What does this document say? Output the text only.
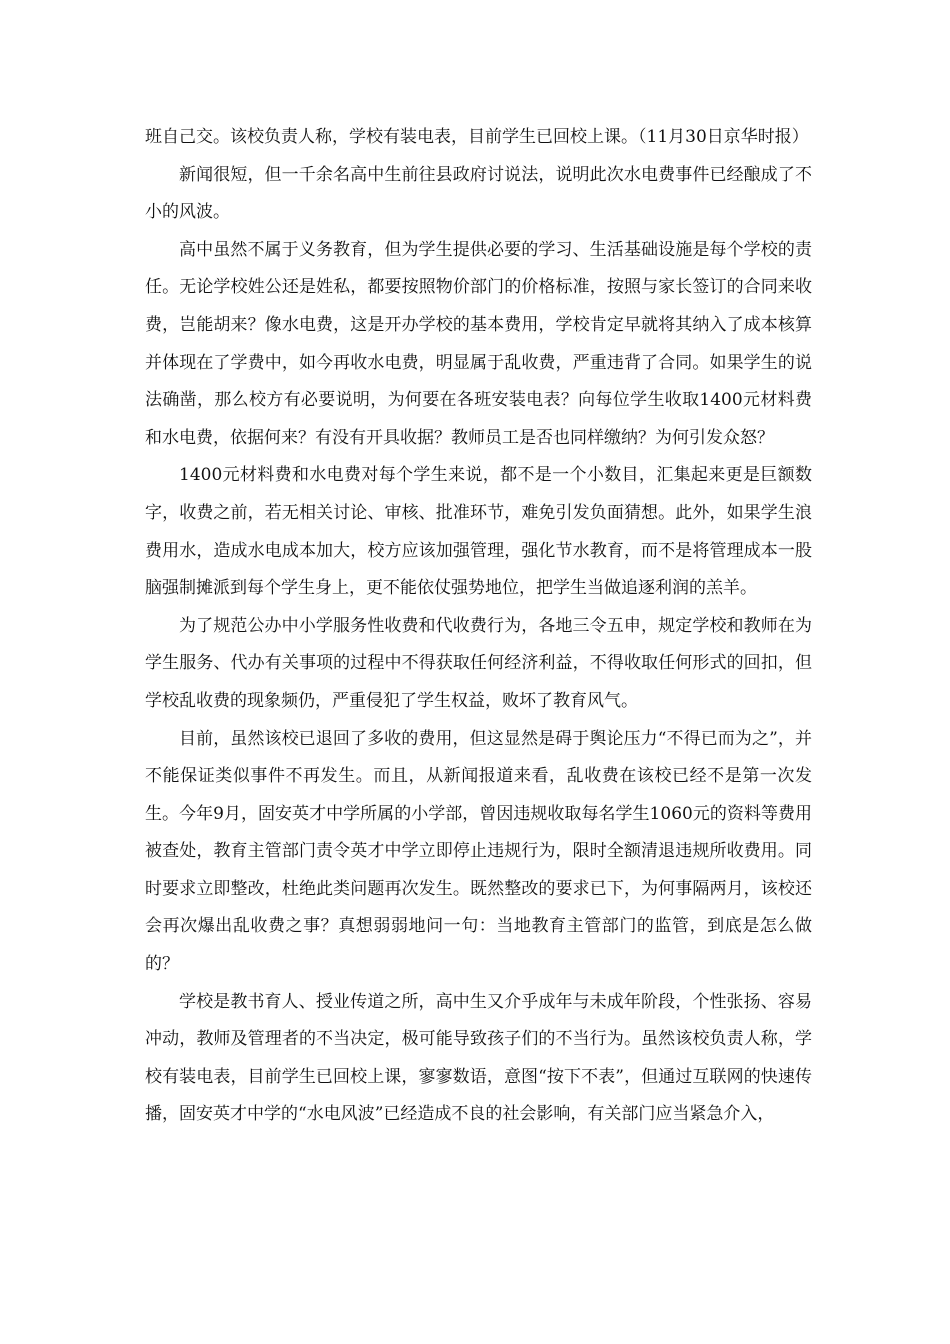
班自己交。该校负责人称，学校有装电表，目前学生已回校上课。（11月30日京华时报）

新闻很短，但一千余名高中生前往县政府讨说法，说明此次水电费事件已经酿成了不小的风波。

高中虽然不属于义务教育，但为学生提供必要的学习、生活基础设施是每个学校的责任。无论学校姓公还是姓私，都要按照物价部门的价格标准，按照与家长签订的合同来收费，岂能胡来？像水电费，这是开办学校的基本费用，学校肯定早就将其纳入了成本核算并体现在了学费中，如今再收水电费，明显属于乱收费，严重违背了合同。如果学生的说法确凿，那么校方有必要说明，为何要在各班安装电表？向每位学生收取1400元材料费和水电费，依据何来？有没有开具收据？教师员工是否也同样缴纳？为何引发众怒？

1400元材料费和水电费对每个学生来说，都不是一个小数目，汇集起来更是巨额数字，收费之前，若无相关讨论、审核、批准环节，难免引发负面猜想。此外，如果学生浪费用水，造成水电成本加大，校方应该加强管理，强化节水教育，而不是将管理成本一股脑强制摊派到每个学生身上，更不能依仗强势地位，把学生当做追逐利润的羔羊。

为了规范公办中小学服务性收费和代收费行为，各地三令五申，规定学校和教师在为学生服务、代办有关事项的过程中不得获取任何经济利益，不得收取任何形式的回扣，但学校乱收费的现象频仍，严重侵犯了学生权益，败坏了教育风气。

目前，虽然该校已退回了多收的费用，但这显然是碍于舆论压力“不得已而为之”，并不能保证类似事件不再发生。而且，从新闻报道来看，乱收费在该校已经不是第一次发生。今年9月，固安英才中学所属的小学部，曾因违规收取每名学生1060元的资料等费用被查处，教育主管部门责令英才中学立即停止违规行为，限时全额清退违规所收费用。同时要求立即整改，杜绝此类问题再次发生。既然整改的要求已下，为何事隔两月，该校还会再次爆出乱收费之事？真想弱弱地问一句：当地教育主管部门的监管，到底是怎么做的？

学校是教书育人、授业传道之所，高中生又介乎成年与未成年阶段，个性张扬、容易冲动，教师及管理者的不当决定，极可能导致孩子们的不当行为。虽然该校负责人称，学校有装电表，目前学生已回校上课，寥寥数语，意图“按下不表”，但通过互联网的快速传播，固安英才中学的“水电风波”已经造成不良的社会影响，有关部门应当紧急介入，
